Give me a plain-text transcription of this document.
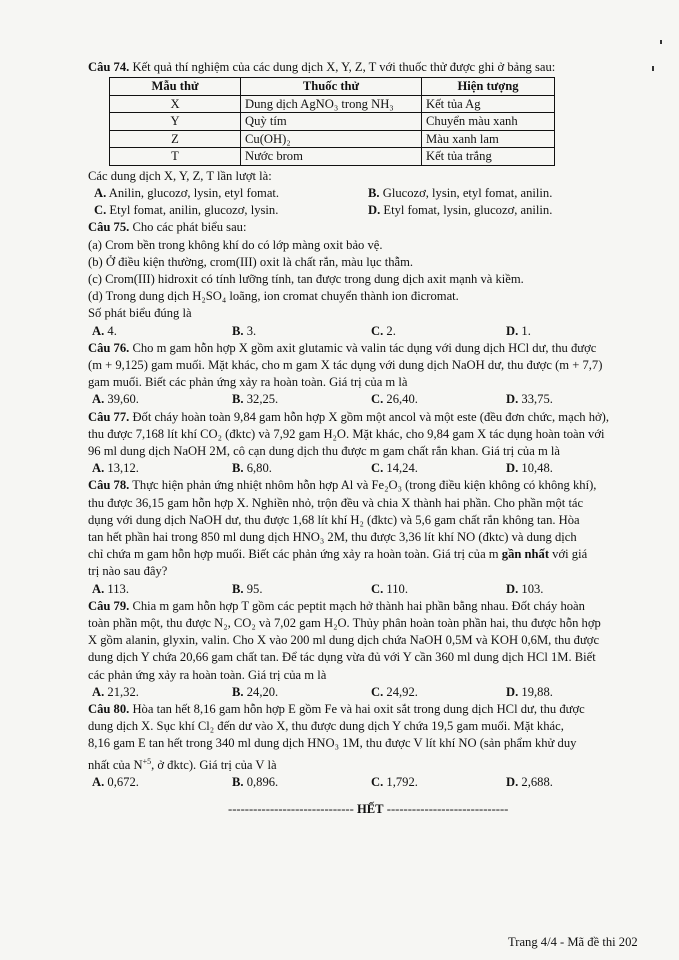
Câu 74. Kết quả thí nghiệm của các dung dịch X, Y, Z, T với thuốc thử được ghi ở bảng sau:
Mẫu thử	Thuốc thử	Hiện tượng
X	Dung dịch AgNO₃ trong NH₃	Kết tủa Ag
Y	Quỳ tím	Chuyển màu xanh
Z	Cu(OH)₂	Màu xanh lam
T	Nước brom	Kết tủa trắng
Các dung dịch X, Y, Z, T lần lượt là:
A. Anilin, glucozơ, lysin, etyl fomat.	B. Glucozơ, lysin, etyl fomat, anilin.
C. Etyl fomat, anilin, glucozơ, lysin.	D. Etyl fomat, lysin, glucozơ, anilin.
Câu 75. Cho các phát biểu sau:
(a) Crom bền trong không khí do có lớp màng oxit bảo vệ.
(b) Ở điều kiện thường, crom(III) oxit là chất rắn, màu lục thẫm.
(c) Crom(III) hidroxit có tính lưỡng tính, tan được trong dung dịch axit mạnh và kiềm.
(d) Trong dung dịch H₂SO₄ loãng, ion cromat chuyển thành ion đicromat.
Số phát biểu đúng là
A. 4.	B. 3.	C. 2.	D. 1.
Câu 76. Cho m gam hỗn hợp X gồm axit glutamic và valin tác dụng với dung dịch HCl dư, thu được
(m + 9,125) gam muối. Mặt khác, cho m gam X tác dụng với dung dịch NaOH dư, thu được (m + 7,7)
gam muối. Biết các phản ứng xảy ra hoàn toàn. Giá trị của m là
A. 39,60.	B. 32,25.	C. 26,40.	D. 33,75.
Câu 77. Đốt cháy hoàn toàn 9,84 gam hỗn hợp X gồm một ancol và một este (đều đơn chức, mạch hở),
thu được 7,168 lít khí CO₂ (đktc) và 7,92 gam H₂O. Mặt khác, cho 9,84 gam X tác dụng hoàn toàn với
96 ml dung dịch NaOH 2M, cô cạn dung dịch thu được m gam chất rắn khan. Giá trị của m là
A. 13,12.	B. 6,80.	C. 14,24.	D. 10,48.
Câu 78. Thực hiện phản ứng nhiệt nhôm hỗn hợp Al và Fe₂O₃ (trong điều kiện không có không khí),
thu được 36,15 gam hỗn hợp X. Nghiền nhỏ, trộn đều và chia X thành hai phần. Cho phần một tác
dụng với dung dịch NaOH dư, thu được 1,68 lít khí H₂ (đktc) và 5,6 gam chất rắn không tan. Hòa
tan hết phần hai trong 850 ml dung dịch HNO₃ 2M, thu được 3,36 lít khí NO (đktc) và dung dịch
chỉ chứa m gam hỗn hợp muối. Biết các phản ứng xảy ra hoàn toàn. Giá trị của m gần nhất với giá
trị nào sau đây?
A. 113.	B. 95.	C. 110.	D. 103.
Câu 79. Chia m gam hỗn hợp T gồm các peptit mạch hở thành hai phần bằng nhau. Đốt cháy hoàn
toàn phần một, thu được N₂, CO₂ và 7,02 gam H₂O. Thủy phân hoàn toàn phần hai, thu được hỗn hợp
X gồm alanin, glyxin, valin. Cho X vào 200 ml dung dịch chứa NaOH 0,5M và KOH 0,6M, thu được
dung dịch Y chứa 20,66 gam chất tan. Để tác dụng vừa đủ với Y cần 360 ml dung dịch HCl 1M. Biết
các phản ứng xảy ra hoàn toàn. Giá trị của m là
A. 21,32.	B. 24,20.	C. 24,92.	D. 19,88.
Câu 80. Hòa tan hết 8,16 gam hỗn hợp E gồm Fe và hai oxit sắt trong dung dịch HCl dư, thu được
dung dịch X. Sục khí Cl₂ đến dư vào X, thu được dung dịch Y chứa 19,5 gam muối. Mặt khác,
8,16 gam E tan hết trong 340 ml dung dịch HNO₃ 1M, thu được V lít khí NO (sản phẩm khử duy
nhất của $N^{+5}$, ở đktc). Giá trị của V là
A. 0,672.	B. 0,896.	C. 1,792.	D. 2,688.
------------------------------ HẾT -----------------------------
Trang 4/4 - Mã đề thi 202
